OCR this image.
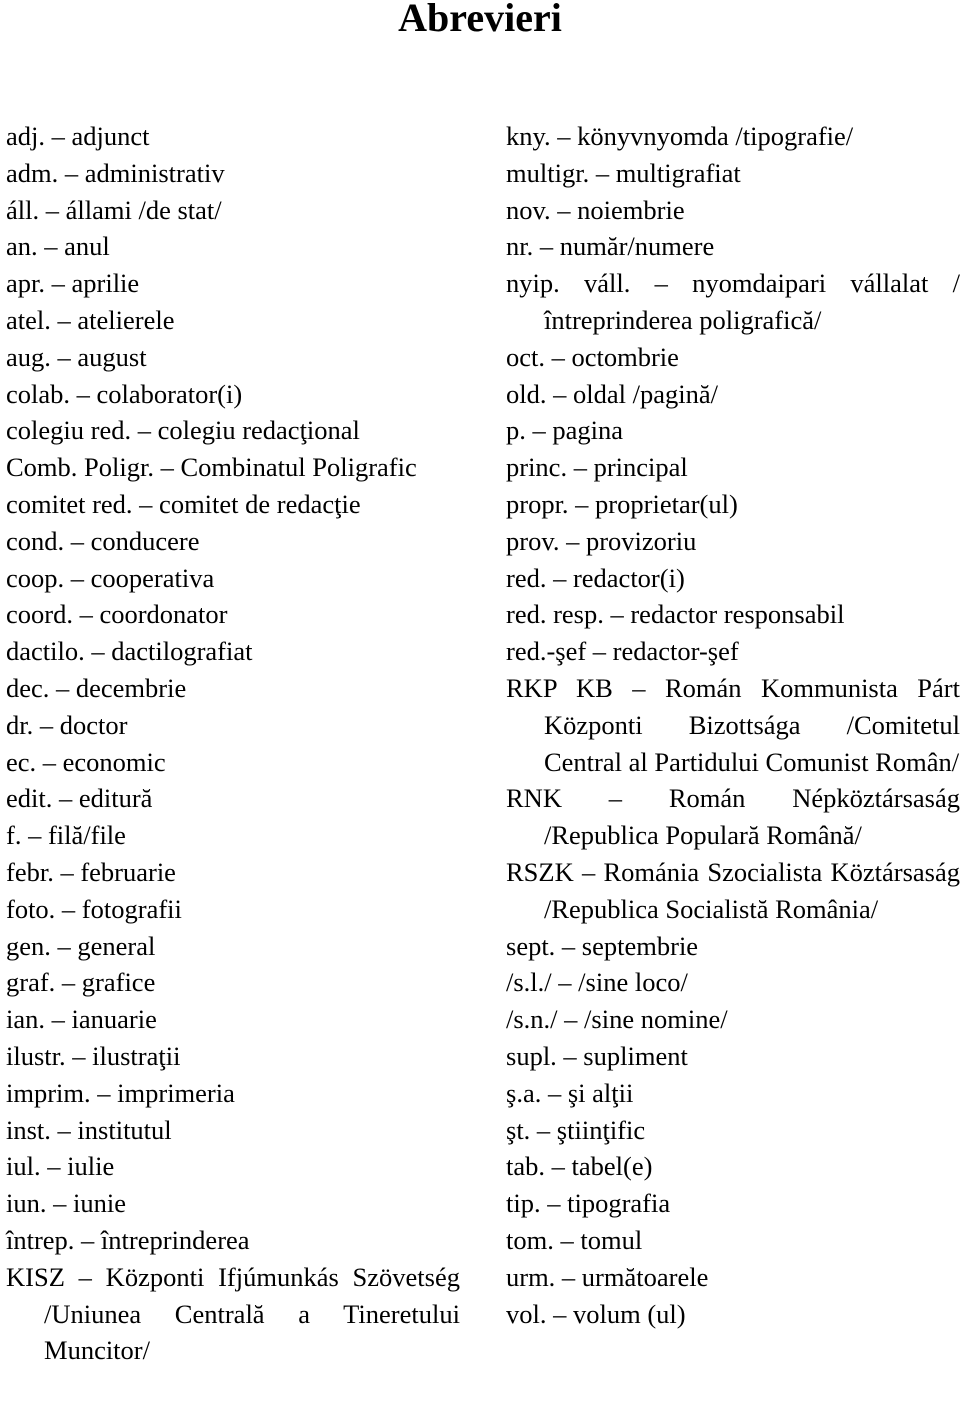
Abrevieri
adj. – adjunct
adm. – administrativ
áll. – állami /de stat/
an. – anul
apr. – aprilie
atel. – atelierele
aug. – august
colab. – colaborator(i)
colegiu red. – colegiu redacţional
Comb. Poligr. – Combinatul Poligrafic
comitet red. – comitet de redacţie
cond. – conducere
coop. – cooperativa
coord. – coordonator
dactilo. – dactilografiat
dec. – decembrie
dr. – doctor
ec. – economic
edit. – editură
f. – filă/file
febr. – februarie
foto. – fotografii
gen. – general
graf. – grafice
ian. – ianuarie
ilustr. – ilustraţii
imprim. – imprimeria
inst. – institutul
iul. – iulie
iun. – iunie
întrep. – întreprinderea
KISZ – Központi Ifjúmunkás Szövetség /Uniunea Centrală a Tineretului Muncitor/
kny. – könyvnyomda /tipografie/
multigr. – multigrafiat
nov. – noiembrie
nr. – număr/numere
nyip. váll. – nyomdaipari vállalat /întreprinderea poligrafică/
oct. – octombrie
old. – oldal /pagină/
p. – pagina
princ. – principal
propr. – proprietar(ul)
prov. – provizoriu
red. – redactor(i)
red. resp. – redactor responsabil
red.-şef – redactor-şef
RKP KB – Román Kommunista Párt Központi Bizottsága /Comitetul Central al Partidului Comunist Român/
RNK – Román Népköztársaság /Republica Populară Română/
RSZK – Románia Szocialista Köztársaság /Republica Socialistă România/
sept. – septembrie
/s.l./ – /sine loco/
/s.n./ – /sine nomine/
supl. – supliment
ş.a. – şi alţii
şt. – ştiinţific
tab. – tabel(e)
tip. – tipografia
tom. – tomul
urm. – următoarele
vol. – volum (ul)
